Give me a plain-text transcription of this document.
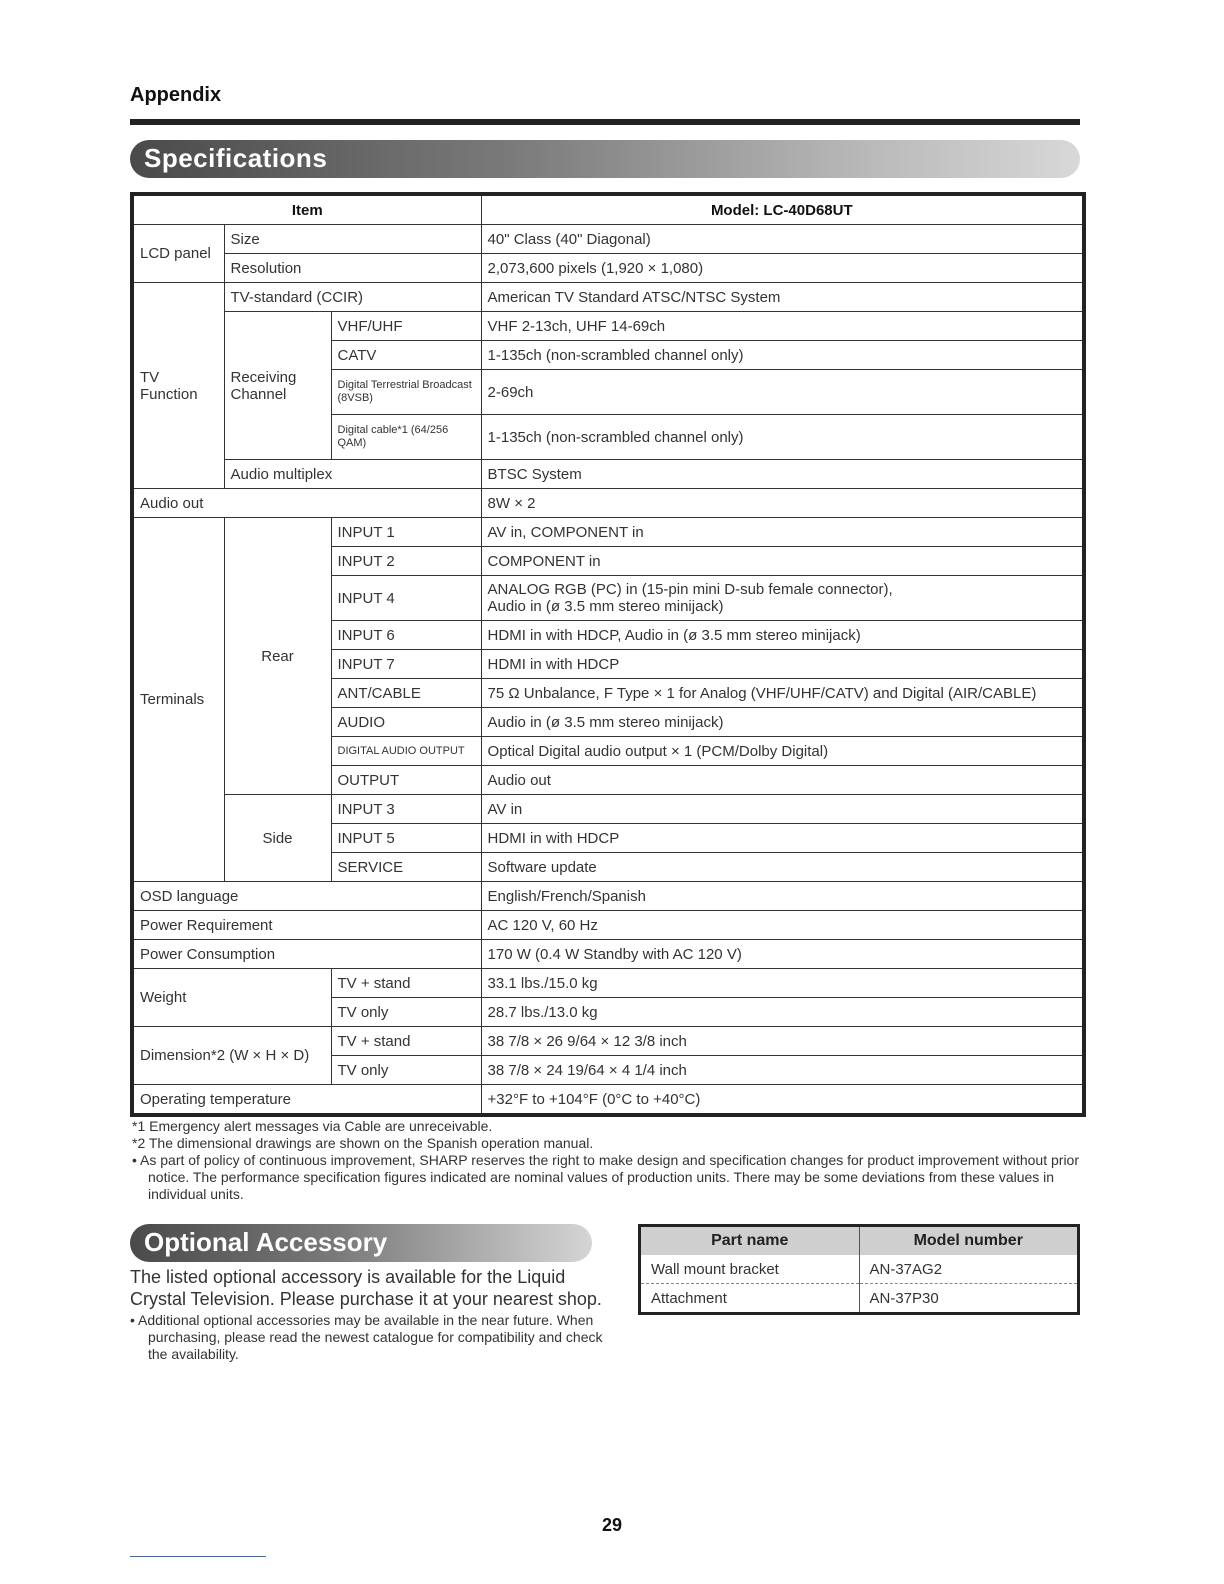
Appendix
Specifications
Item			Model: LC-40D68UT
LCD panel	Size		40" Class (40" Diagonal)
	Resolution		2,073,600 pixels (1,920 × 1,080)
TV Function	TV-standard (CCIR)		American TV Standard ATSC/NTSC System
	Receiving Channel	VHF/UHF	VHF 2-13ch, UHF 14-69ch
		CATV	1-135ch (non-scrambled channel only)
		Digital Terrestrial Broadcast (8VSB)	2-69ch
		Digital cable*1 (64/256 QAM)	1-135ch (non-scrambled channel only)
	Audio multiplex		BTSC System
Audio out			8W × 2
Terminals	Rear	INPUT 1	AV in, COMPONENT in
		INPUT 2	COMPONENT in
		INPUT 4	ANALOG RGB (PC) in (15-pin mini D-sub female connector),
Audio in (ø 3.5 mm stereo minijack)

		INPUT 6	HDMI in with HDCP, Audio in (ø 3.5 mm stereo minijack)
		INPUT 7	HDMI in with HDCP
		ANT/CABLE	75 Ω Unbalance, F Type × 1 for Analog (VHF/UHF/CATV) and Digital (AIR/CABLE)
		AUDIO	Audio in (ø 3.5 mm stereo minijack)
		DIGITAL AUDIO OUTPUT	Optical Digital audio output × 1 (PCM/Dolby Digital)
		OUTPUT	Audio out
	Side	INPUT 3	AV in
		INPUT 5	HDMI in with HDCP
		SERVICE	Software update
OSD language			English/French/Spanish
Power Requirement			AC 120 V, 60 Hz
Power Consumption			170 W (0.4 W Standby with AC 120 V)
Weight		TV + stand	33.1 lbs./15.0 kg
		TV only	28.7 lbs./13.0 kg
Dimension*2 (W × H × D)		TV + stand	38 7/8 × 26 9/64 × 12 3/8 inch
		TV only	38 7/8 × 24 19/64 × 4 1/4 inch
Operating temperature			+32°F to +104°F (0°C to +40°C)

*1 Emergency alert messages via Cable are unreceivable.

*2 The dimensional drawings are shown on the Spanish operation manual.

• As part of policy of continuous improvement, SHARP reserves the right to make design and specification changes for product improvement without prior notice. The performance specification figures indicated are nominal values of production units. There may be some deviations from these values in individual units.

Optional Accessory
The listed optional accessory is available for the Liquid Crystal Television. Please purchase it at your nearest shop.
• Additional optional accessories may be available in the near future. When purchasing, please read the newest catalogue for compatibility and check the availability.
Part name	Model number
Wall mount bracket	AN-37AG2
Attachment	AN-37P30
29
